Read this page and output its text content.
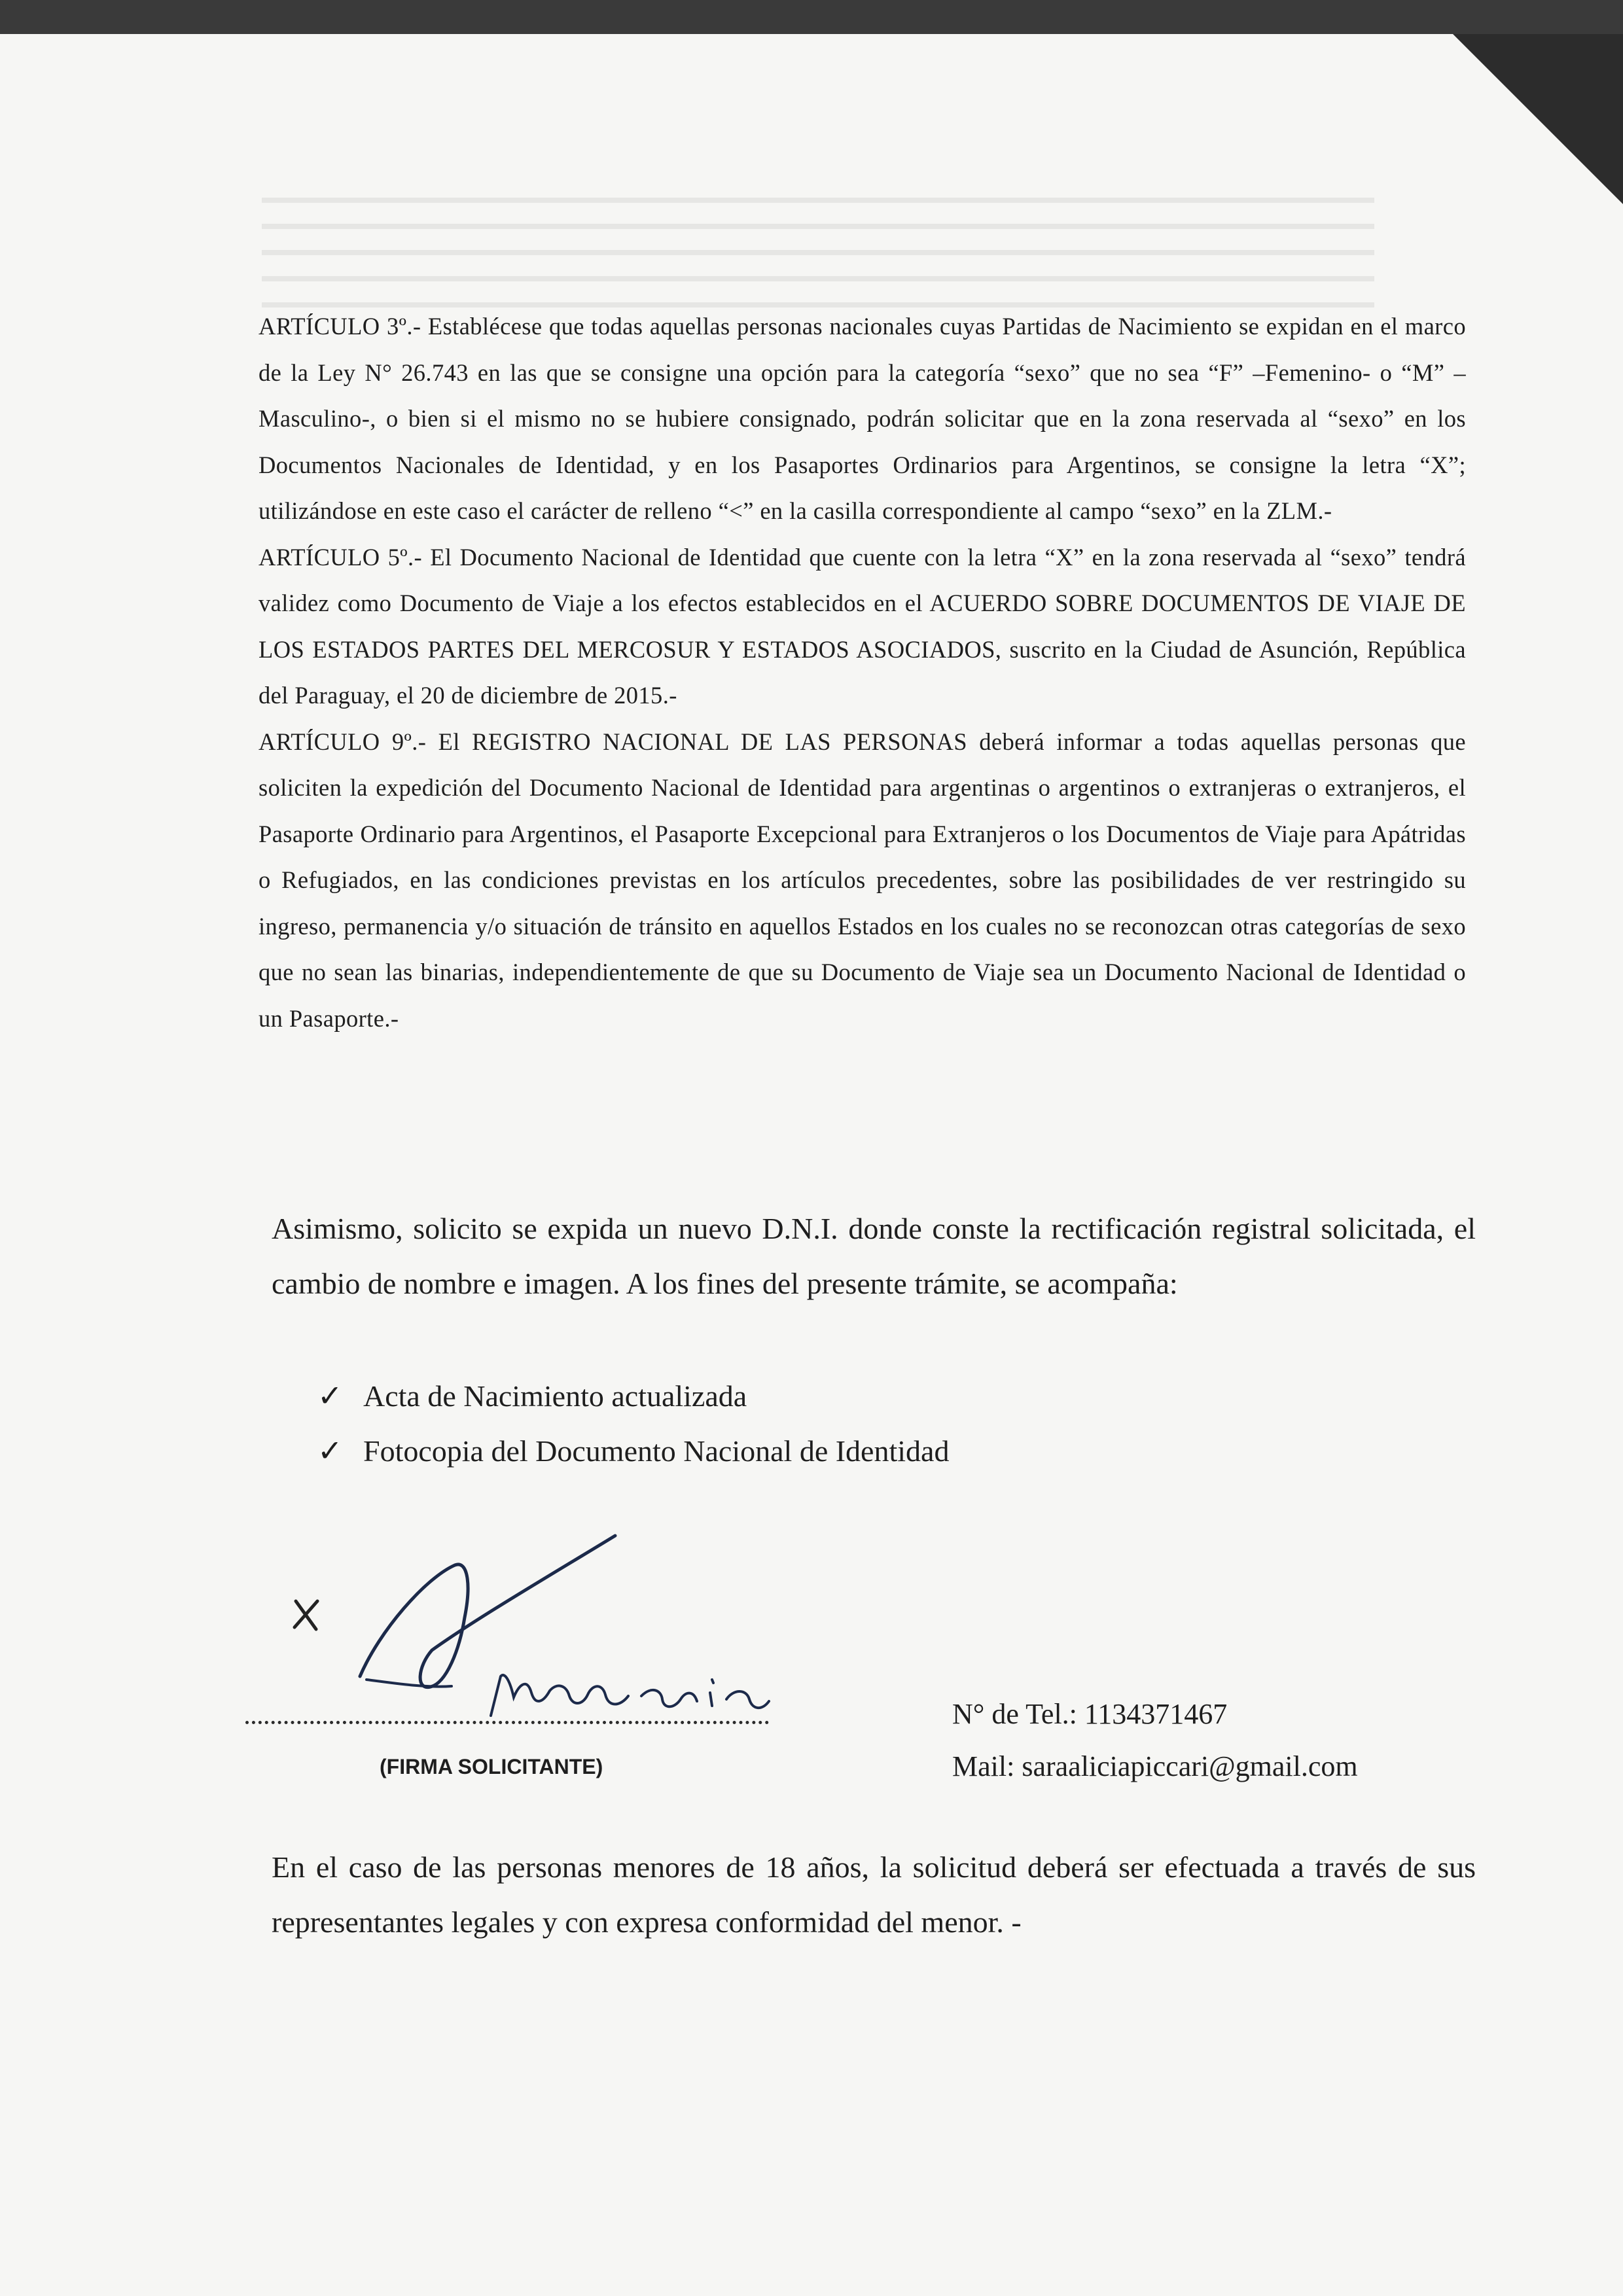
ARTÍCULO 3º.- Establécese que todas aquellas personas nacionales cuyas Partidas de Nacimiento se expidan en el marco de la Ley N° 26.743 en las que se consigne una opción para la categoría “sexo” que no sea “F” –Femenino- o “M” –Masculino-, o bien si el mismo no se hubiere consignado, podrán solicitar que en la zona reservada al “sexo” en los Documentos Nacionales de Identidad, y en los Pasaportes Ordinarios para Argentinos, se consigne la letra “X”; utilizándose en este caso el carácter de relleno “<” en la casilla correspondiente al campo “sexo” en la ZLM.-

ARTÍCULO 5º.- El Documento Nacional de Identidad que cuente con la letra “X” en la zona reservada al “sexo” tendrá validez como Documento de Viaje a los efectos establecidos en el ACUERDO SOBRE DOCUMENTOS DE VIAJE DE LOS ESTADOS PARTES DEL MERCOSUR Y ESTADOS ASOCIADOS, suscrito en la Ciudad de Asunción, República del Paraguay, el 20 de diciembre de 2015.-

ARTÍCULO 9º.- El REGISTRO NACIONAL DE LAS PERSONAS deberá informar a todas aquellas personas que soliciten la expedición del Documento Nacional de Identidad para argentinas o argentinos o extranjeras o extranjeros, el Pasaporte Ordinario para Argentinos, el Pasaporte Excepcional para Extranjeros o los Documentos de Viaje para Apátridas o Refugiados, en las condiciones previstas en los artículos precedentes, sobre las posibilidades de ver restringido su ingreso, permanencia y/o situación de tránsito en aquellos Estados en los cuales no se reconozcan otras categorías de sexo que no sean las binarias, independientemente de que su Documento de Viaje sea un Documento Nacional de Identidad o un Pasaporte.-

Asimismo, solicito se expida un nuevo D.N.I. donde conste la rectificación registral solicitada, el cambio de nombre e imagen. A los fines del presente trámite, se acompaña:

✓ Acta de Nacimiento actualizada
✓ Fotocopia del Documento Nacional de Identidad
Nora mia
(FIRMA SOLICITANTE)
N° de Tel.: 1134371467
Mail: saraaliciapiccari@gmail.com

En el caso de las personas menores de 18 años, la solicitud deberá ser efectuada a través de sus representantes legales y con expresa conformidad del menor. -
